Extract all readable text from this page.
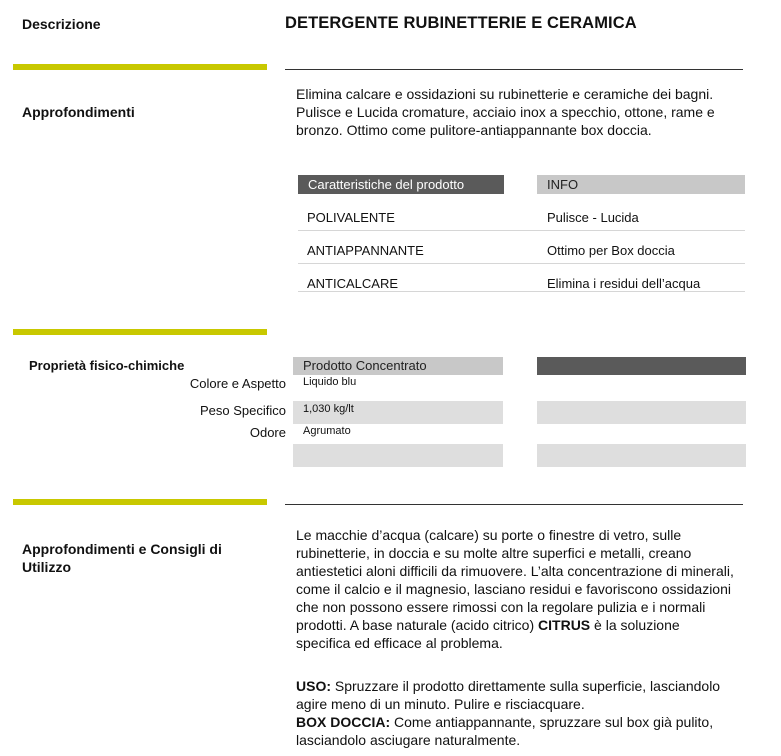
Descrizione	DETERGENTE RUBINETTERIE E CERAMICA
Approfondimenti
Elimina calcare e ossidazioni su rubinetterie e ceramiche dei bagni. Pulisce e Lucida cromature, acciaio inox a specchio, ottone, rame e bronzo. Ottimo come pulitore-antiappannante box doccia.
Caratteristiche del prodotto	INFO
POLIVALENTE	Pulisce - Lucida
ANTIAPPANNANTE	Ottimo per Box doccia
ANTICALCARE	Elimina i residui dell’acqua
Proprietà fisico-chimiche	Prodotto Concentrato
Colore e Aspetto Liquido blu
Peso Specifico 1,030 kg/lt
Odore Agrumato
Approfondimenti e Consigli di Utilizzo
Le macchie d’acqua (calcare) su porte o finestre di vetro, sulle rubinetterie, in doccia e su molte altre superfici e metalli, creano antiestetici aloni difficili da rimuovere. L’alta concentrazione di minerali, come il calcio e il magnesio, lasciano residui e favoriscono ossidazioni che non possono essere rimossi con la regolare pulizia e i normali prodotti. A base naturale (acido citrico) CITRUS è la soluzione specifica ed efficace al problema.
USO: Spruzzare il prodotto direttamente sulla superficie, lasciandolo agire meno di un minuto. Pulire e risciacquare.
BOX DOCCIA: Come antiappannante, spruzzare sul box già pulito, lasciandolo asciugare naturalmente.
